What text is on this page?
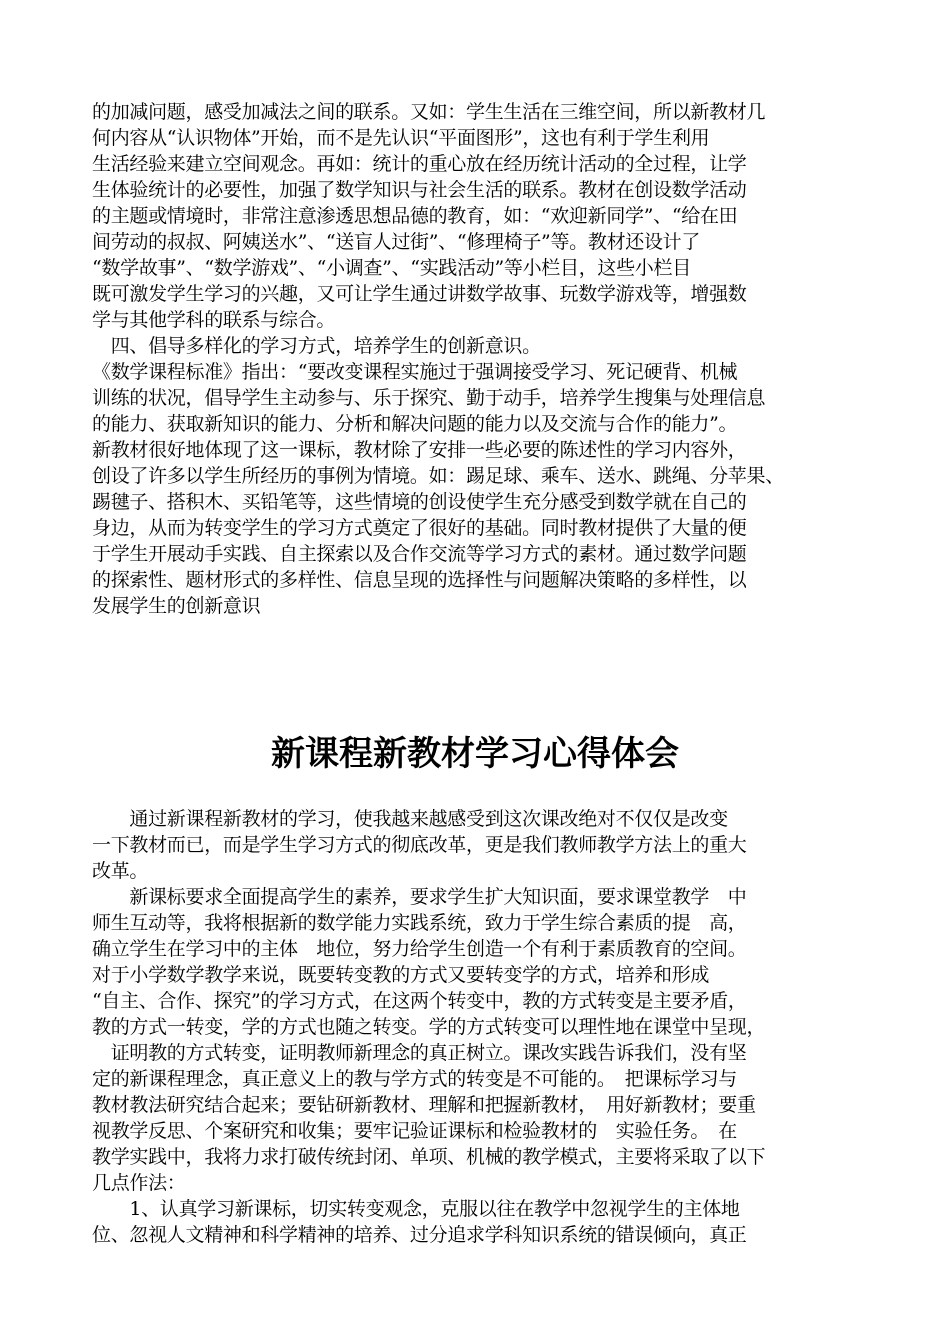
的加减问题，感受加减法之间的联系。又如：学生生活在三维空间，所以新教材几

何内容从“认识物体”开始，而不是先认识“平面图形”，这也有利于学生利用

生活经验来建立空间观念。再如：统计的重心放在经历统计活动的全过程，让学

生体验统计的必要性，加强了数学知识与社会生活的联系。教材在创设数学活动

的主题或情境时，非常注意渗透思想品德的教育，如：“欢迎新同学”、“给在田

间劳动的叔叔、阿姨送水”、“送盲人过街”、“修理椅子”等。教材还设计了

“数学故事”、“数学游戏”、“小调查”、“实践活动”等小栏目，这些小栏目

既可激发学生学习的兴趣，又可让学生通过讲数学故事、玩数学游戏等，增强数

学与其他学科的联系与综合。

　四、倡导多样化的学习方式，培养学生的创新意识。

《数学课程标准》指出：“要改变课程实施过于强调接受学习、死记硬背、机械

训练的状况，倡导学生主动参与、乐于探究、勤于动手，培养学生搜集与处理信息

的能力、获取新知识的能力、分析和解决问题的能力以及交流与合作的能力”。

新教材很好地体现了这一课标，教材除了安排一些必要的陈述性的学习内容外，

创设了许多以学生所经历的事例为情境。如：踢足球、乘车、送水、跳绳、分苹果、

踢毽子、搭积木、买铅笔等，这些情境的创设使学生充分感受到数学就在自己的

身边，从而为转变学生的学习方式奠定了很好的基础。同时教材提供了大量的便

于学生开展动手实践、自主探索以及合作交流等学习方式的素材。通过数学问题

的探索性、题材形式的多样性、信息呈现的选择性与问题解决策略的多样性，以

发展学生的创新意识

新课程新教材学习心得体会

　　通过新课程新教材的学习，使我越来越感受到这次课改绝对不仅仅是改变

一下教材而已，而是学生学习方式的彻底改革，更是我们教师教学方法上的重大

改革。

　　新课标要求全面提高学生的素养，要求学生扩大知识面，要求课堂教学　中

师生互动等，我将根据新的数学能力实践系统，致力于学生综合素质的提　高，

确立学生在学习中的主体　地位，努力给学生创造一个有利于素质教育的空间。

对于小学数学教学来说，既要转变教的方式又要转变学的方式，培养和形成

“自主、合作、探究”的学习方式，在这两个转变中，教的方式转变是主要矛盾，

教的方式一转变，学的方式也随之转变。学的方式转变可以理性地在课堂中呈现，

　证明教的方式转变，证明教师新理念的真正树立。课改实践告诉我们，没有坚

定的新课程理念，真正意义上的教与学方式的转变是不可能的。　把课标学习与

教材教法研究结合起来；要钻研新教材、理解和把握新教材，　用好新教材；要重

视教学反思、个案研究和收集；要牢记验证课标和检验教材的　实验任务。　在

教学实践中，我将力求打破传统封闭、单项、机械的教学模式，主要将采取了以下

几点作法：

　　1、认真学习新课标，切实转变观念，克服以往在教学中忽视学生的主体地

位、忽视人文精神和科学精神的培养、过分追求学科知识系统的错误倾向，真正
